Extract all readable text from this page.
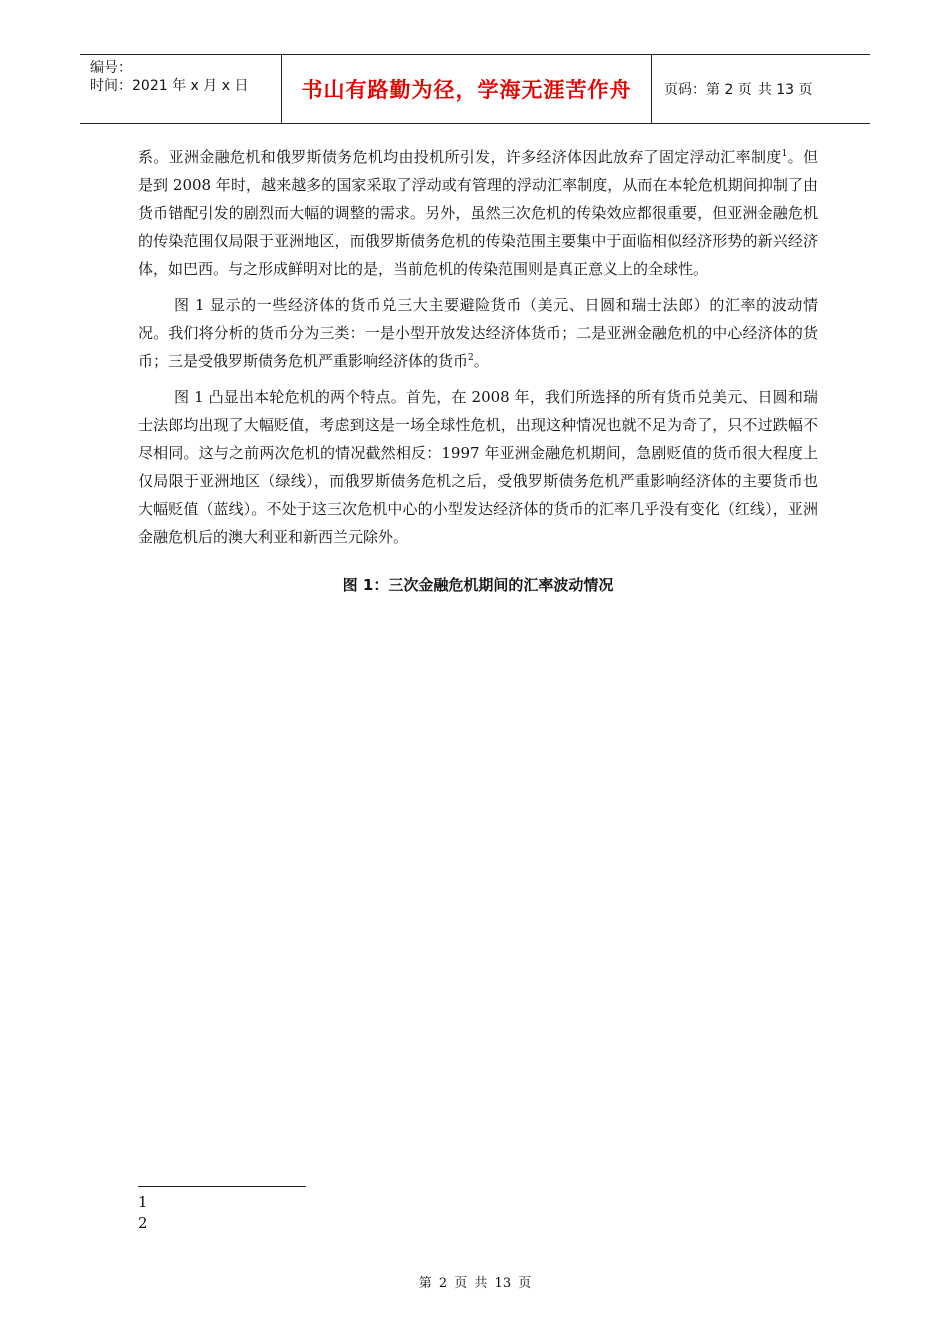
编号：
时间：2021 年 x 月 x 日	书山有路勤为径，学海无涯苦作舟	页码：第 2 页 共 13 页

系。亚洲金融危机和俄罗斯债务危机均由投机所引发，许多经济体因此放弃了固定浮动汇率制度$^1$。但是到 2008 年时，越来越多的国家采取了浮动或有管理的浮动汇率制度，从而在本轮危机期间抑制了由货币错配引发的剧烈而大幅的调整的需求。另外，虽然三次危机的传染效应都很重要，但亚洲金融危机的传染范围仅局限于亚洲地区，而俄罗斯债务危机的传染范围主要集中于面临相似经济形势的新兴经济体，如巴西。与之形成鲜明对比的是，当前危机的传染范围则是真正意义上的全球性。

图 1 显示的一些经济体的货币兑三大主要避险货币（美元、日圆和瑞士法郎）的汇率的波动情况。我们将分析的货币分为三类：一是小型开放发达经济体货币；二是亚洲金融危机的中心经济体的货币；三是受俄罗斯债务危机严重影响经济体的货币$^2$。

图 1 凸显出本轮危机的两个特点。首先，在 2008 年，我们所选择的所有货币兑美元、日圆和瑞士法郎均出现了大幅贬值，考虑到这是一场全球性危机，出现这种情况也就不足为奇了，只不过跌幅不尽相同。这与之前两次危机的情况截然相反：1997 年亚洲金融危机期间，急剧贬值的货币很大程度上仅局限于亚洲地区（绿线），而俄罗斯债务危机之后，受俄罗斯债务危机严重影响经济体的主要货币也大幅贬值（蓝线）。不处于这三次危机中心的小型发达经济体的货币的汇率几乎没有变化（红线），亚洲金融危机后的澳大利亚和新西兰元除外。

图 1：三次金融危机期间的汇率波动情况
1
2
第 2 页 共 13 页
